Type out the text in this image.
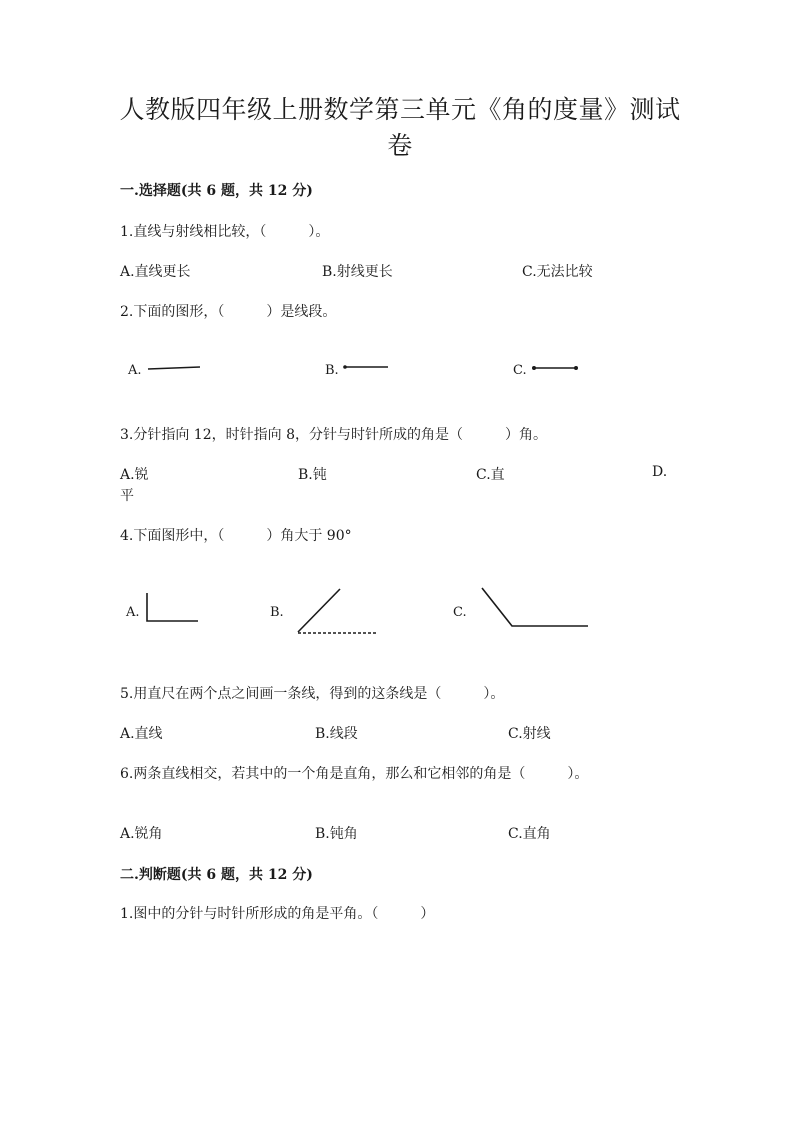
人教版四年级上册数学第三单元《角的度量》测试
卷
一.选择题(共 6 题，共 12 分)
1.直线与射线相比较，（　　　）。
A.直线更长	B.射线更长	C.无法比较
2.下面的图形，（　　　）是线段。
A.	B.	C.
3.分针指向 12，时针指向 8，分针与时针所成的角是（　　　）角。
A.锐	B.钝	C.直	D.
平
4.下面图形中，（　　　）角大于 90°
A.	B.	C.
5.用直尺在两个点之间画一条线，得到的这条线是（　　　）。
A.直线	B.线段	C.射线
6.两条直线相交，若其中的一个角是直角，那么和它相邻的角是（　　　）。
A.锐角	B.钝角	C.直角
二.判断题(共 6 题，共 12 分)
1.图中的分针与时针所形成的角是平角。（　　　）
